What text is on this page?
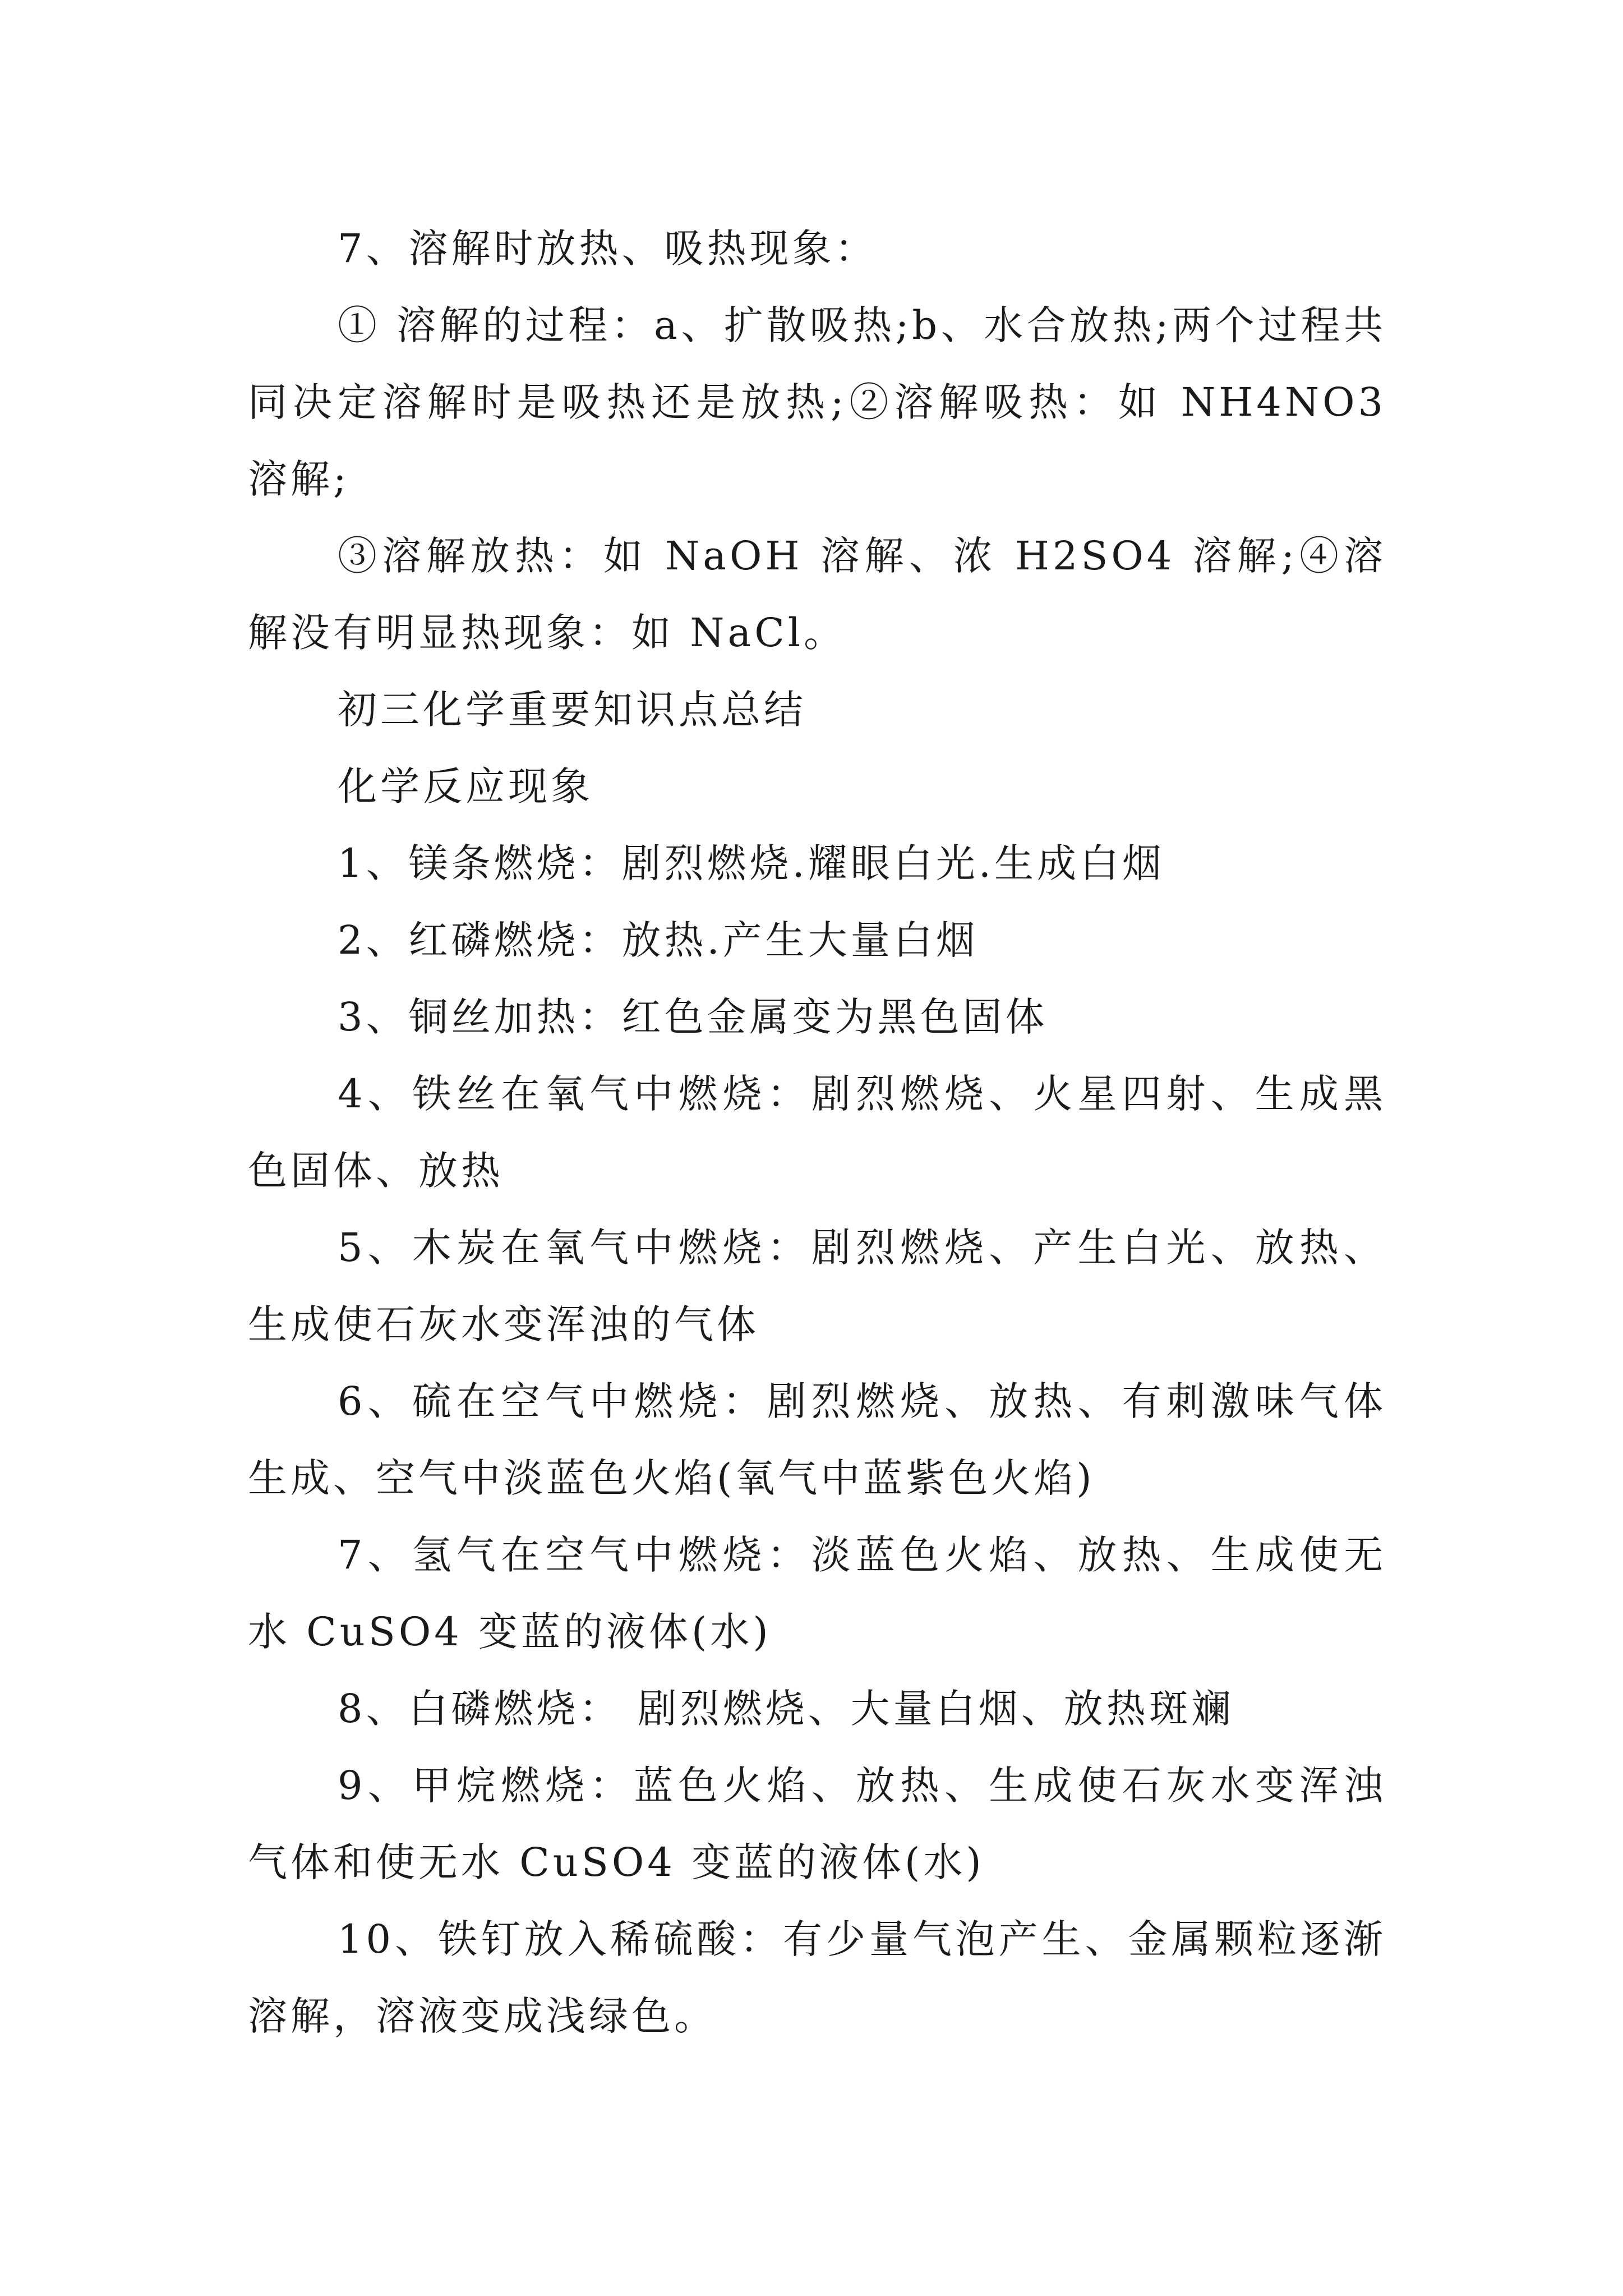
7、溶解时放热、吸热现象：

① 溶解的过程：a、扩散吸热;b、水合放热;两个过程共同决定溶解时是吸热还是放热;②溶解吸热：如 NH4NO3 溶解;

③溶解放热：如 NaOH 溶解、浓 H2SO4 溶解;④溶解没有明显热现象：如 NaCl。

初三化学重要知识点总结

化学反应现象

1、镁条燃烧：剧烈燃烧.耀眼白光.生成白烟

2、红磷燃烧：放热.产生大量白烟

3、铜丝加热：红色金属变为黑色固体

4、铁丝在氧气中燃烧：剧烈燃烧、火星四射、生成黑色固体、放热

5、木炭在氧气中燃烧：剧烈燃烧、产生白光、放热、生成使石灰水变浑浊的气体

6、硫在空气中燃烧：剧烈燃烧、放热、有刺激味气体生成、空气中淡蓝色火焰(氧气中蓝紫色火焰)

7、氢气在空气中燃烧：淡蓝色火焰、放热、生成使无水 CuSO4 变蓝的液体(水)

8、白磷燃烧： 剧烈燃烧、大量白烟、放热斑斓

9、甲烷燃烧：蓝色火焰、放热、生成使石灰水变浑浊气体和使无水 CuSO4 变蓝的液体(水)

10、铁钉放入稀硫酸：有少量气泡产生、金属颗粒逐渐溶解，溶液变成浅绿色。
